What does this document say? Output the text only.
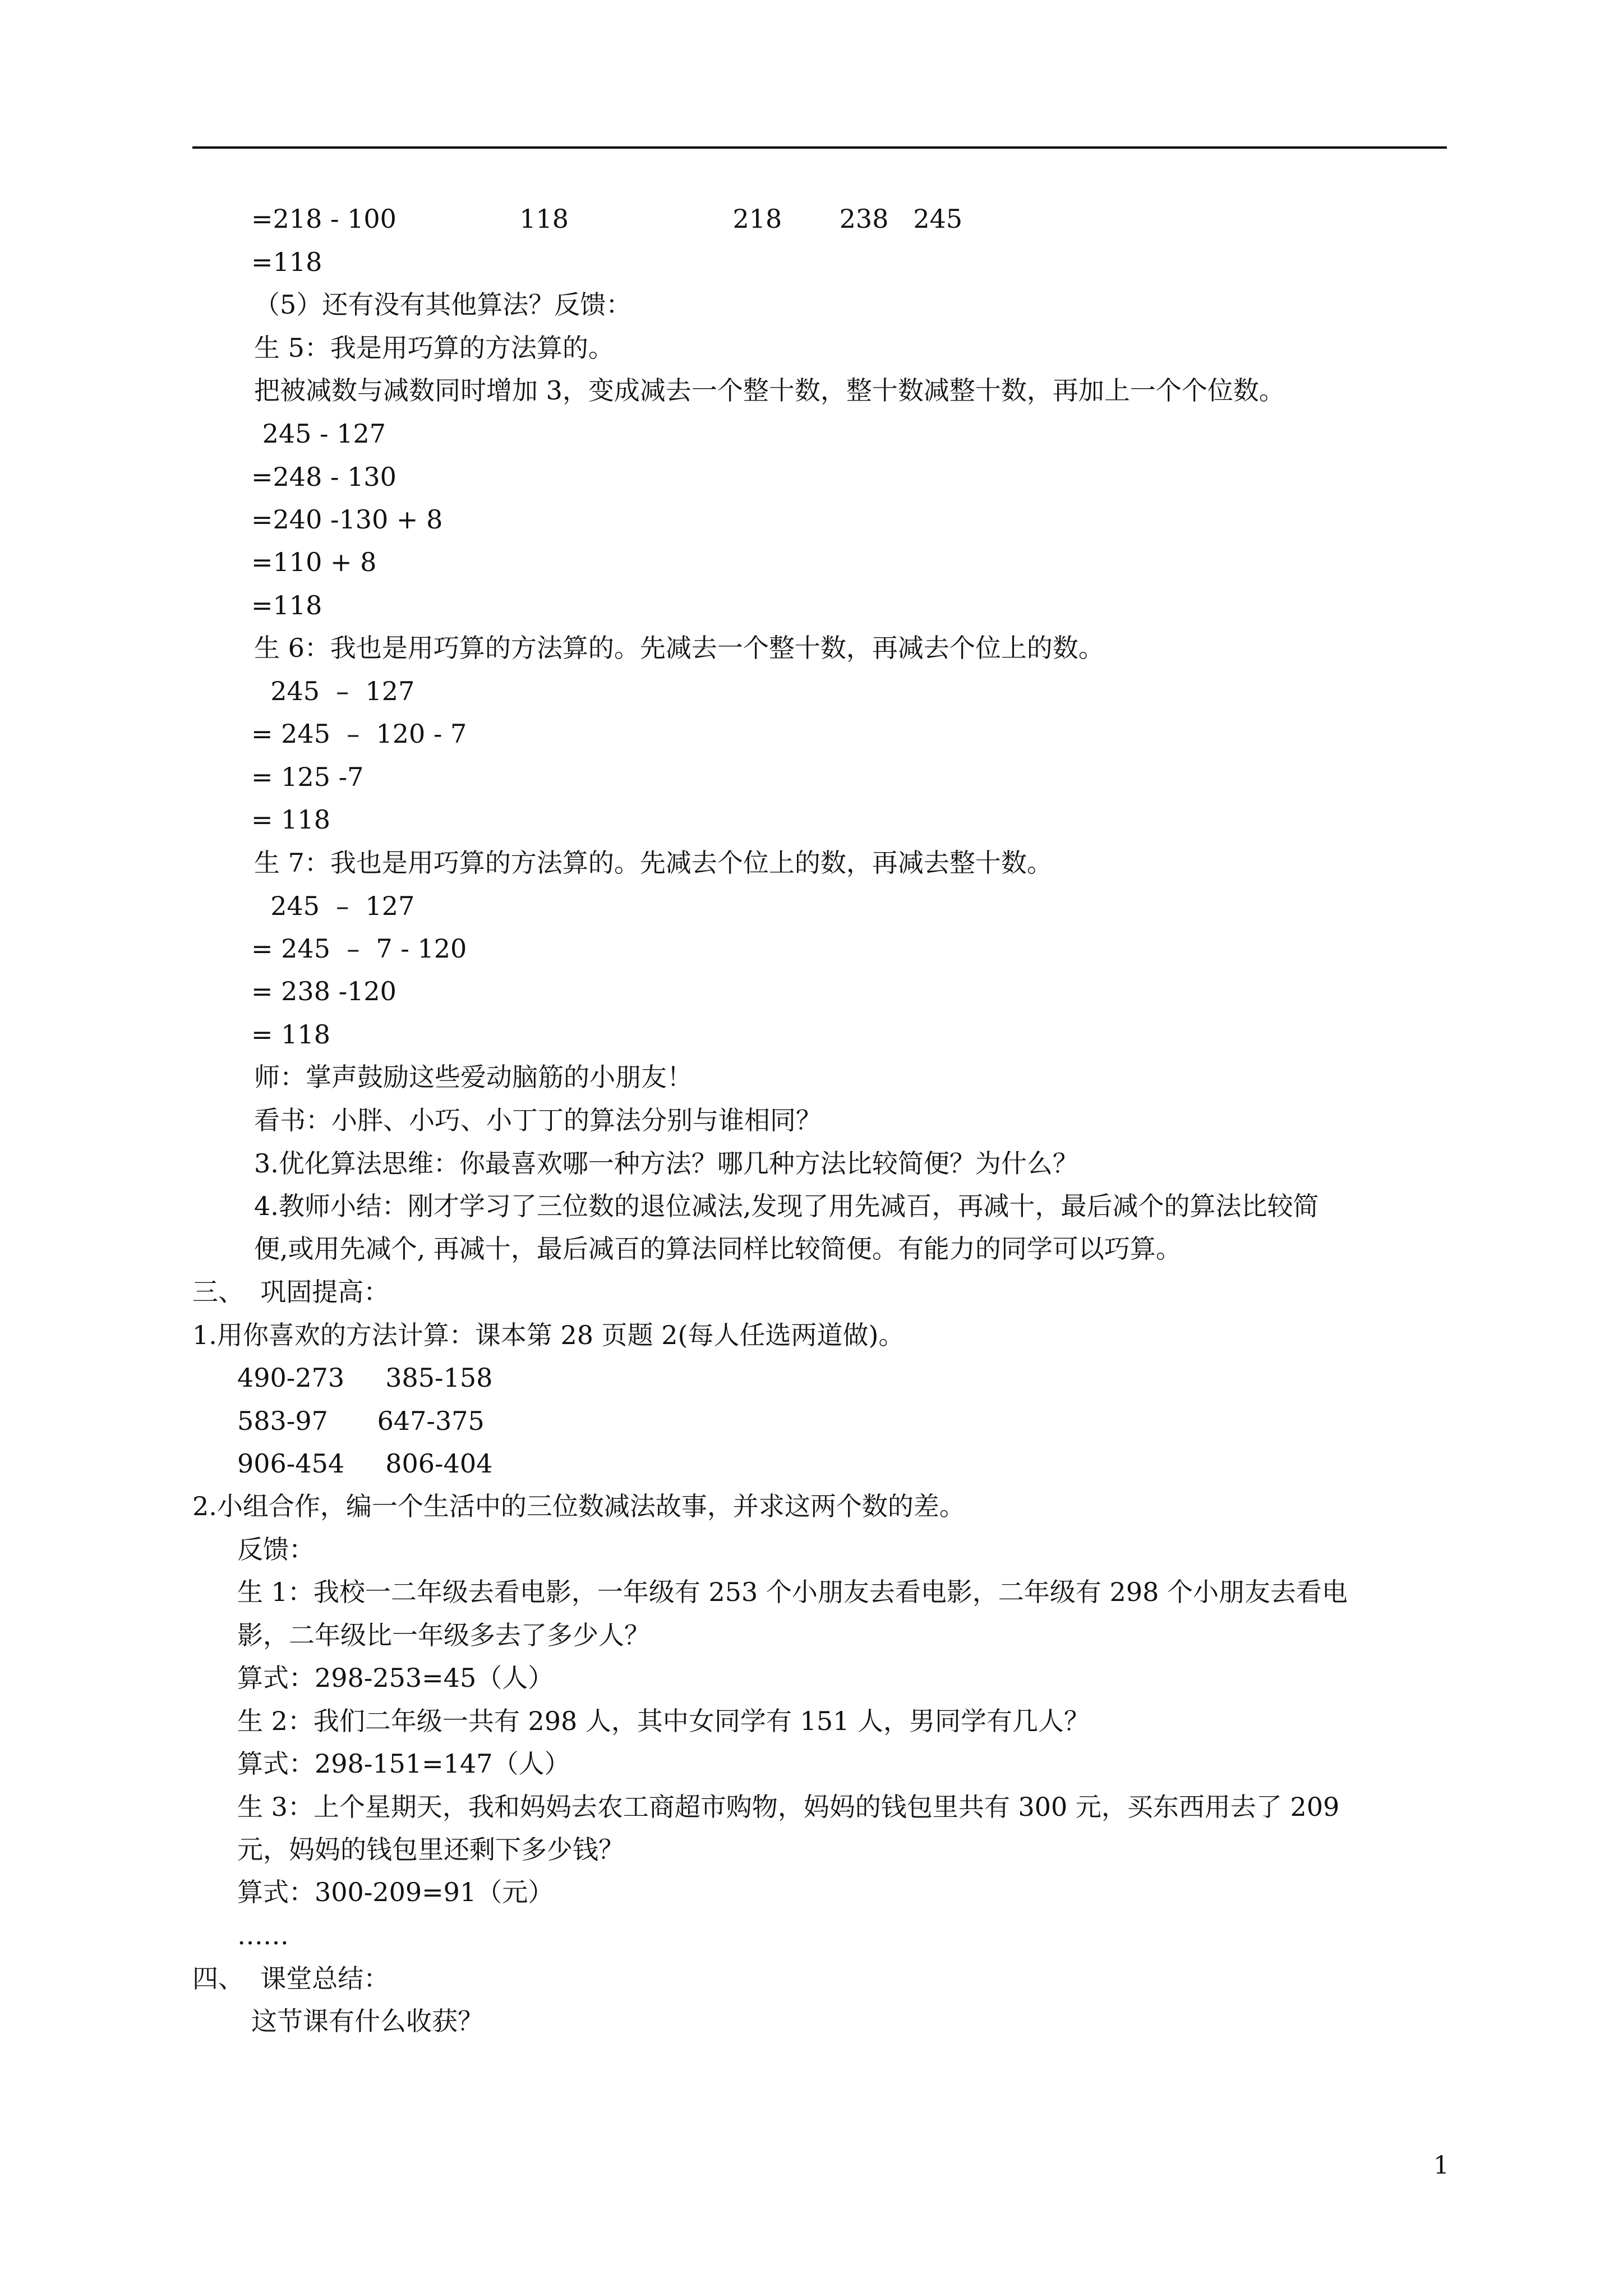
=218 - 100               118                    218       238   245
=118
（5）还有没有其他算法？反馈：
生 5：我是用巧算的方法算的。
把被减数与减数同时增加 3，变成减去一个整十数，整十数减整十数，再加上一个个位数。
245 - 127
=248 - 130
=240 -130 + 8
=110 + 8
=118
生 6：我也是用巧算的方法算的。先减去一个整十数，再减去个位上的数。
245  –  127
= 245  –  120 - 7
= 125 -7
= 118
生 7：我也是用巧算的方法算的。先减去个位上的数，再减去整十数。
245  –  127
= 245  –  7 - 120
= 238 -120
= 118
师：掌声鼓励这些爱动脑筋的小朋友！
看书：小胖、小巧、小丁丁的算法分别与谁相同？
3.优化算法思维：你最喜欢哪一种方法？哪几种方法比较简便？为什么？
4.教师小结：刚才学习了三位数的退位减法,发现了用先减百，再减十，最后减个的算法比较简
便,或用先减个, 再减十，最后减百的算法同样比较简便。有能力的同学可以巧算。
三、  巩固提高：
1.用你喜欢的方法计算：课本第 28 页题 2(每人任选两道做)。
490-273     385-158
583-97      647-375
906-454     806-404
2.小组合作，编一个生活中的三位数减法故事，并求这两个数的差。
反馈：
生 1：我校一二年级去看电影，一年级有 253 个小朋友去看电影，二年级有 298 个小朋友去看电
影，二年级比一年级多去了多少人？
算式：298-253=45（人）
生 2：我们二年级一共有 298 人，其中女同学有 151 人，男同学有几人？
算式：298-151=147（人）
生 3：上个星期天，我和妈妈去农工商超市购物，妈妈的钱包里共有 300 元，买东西用去了 209
元，妈妈的钱包里还剩下多少钱？
算式：300-209=91（元）
……
四、  课堂总结：
这节课有什么收获？
1
